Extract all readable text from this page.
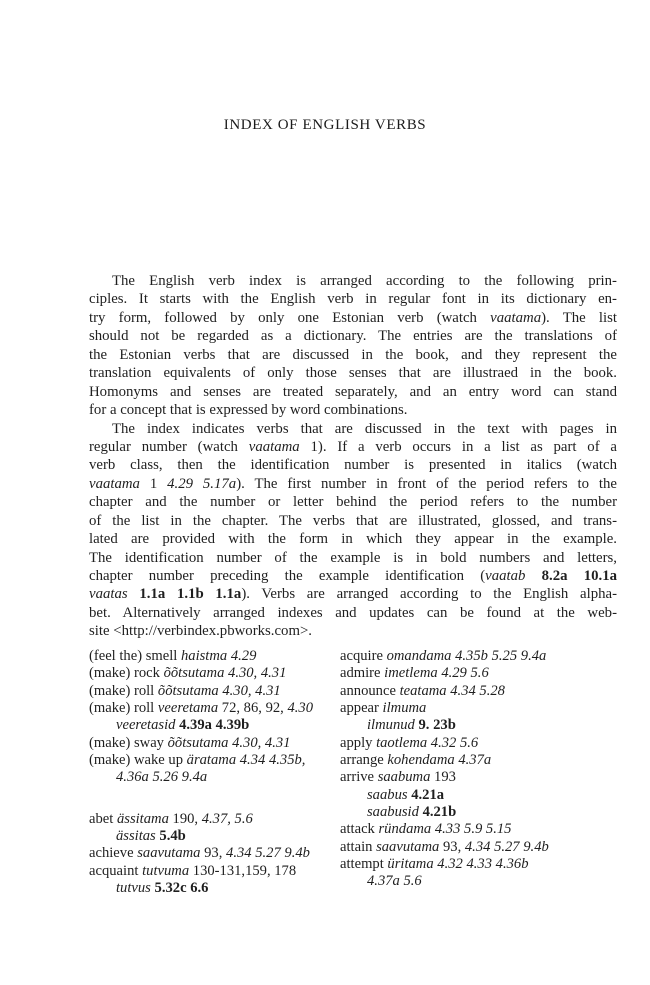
INDEX OF ENGLISH VERBS
The English verb index is arranged according to the following prin-
ciples. It starts with the English verb in regular font in its dictionary en-
try form, followed by only one Estonian verb (watch vaatama). The list
should not be regarded as a dictionary. The entries are the translations of
the Estonian verbs that are discussed in the book, and they represent the
translation equivalents of only those senses that are illustraed in the book.
Homonyms and senses are treated separately, and an entry word can stand
for a concept that is expressed by word combinations.
The index indicates verbs that are discussed in the text with pages in
regular number (watch vaatama 1). If a verb occurs in a list as part of a
verb class, then the identification number is presented in italics (watch
vaatama 1 4.29 5.17a). The first number in front of the period refers to the
chapter and the number or letter behind the period refers to the number
of the list in the chapter. The verbs that are illustrated, glossed, and trans-
lated are provided with the form in which they appear in the example.
The identification number of the example is in bold numbers and letters,
chapter number preceding the example identification (vaatab 8.2a 10.1a
vaatas 1.1a 1.1b 1.1a). Verbs are arranged according to the English alpha-
bet. Alternatively arranged indexes and updates can be found at the web-
site <http://verbindex.pbworks.com>.
(feel the) smell haistma 4.29
(make) rock õõtsutama 4.30, 4.31
(make) roll õõtsutama 4.30, 4.31
(make) roll veeretama 72, 86, 92, 4.30
veeretasid 4.39a 4.39b
(make) sway õõtsutama 4.30, 4.31
(make) wake up äratama 4.34 4.35b,
4.36a 5.26 9.4a
abet ässitama 190, 4.37, 5.6
ässitas 5.4b
achieve saavutama 93, 4.34 5.27 9.4b
acquaint tutvuma 130-131,159, 178
tutvus 5.32c 6.6
acquire omandama 4.35b 5.25 9.4a
admire imetlema 4.29 5.6
announce teatama 4.34 5.28
appear ilmuma
ilmunud 9. 23b
apply taotlema 4.32 5.6
arrange kohendama 4.37a
arrive saabuma 193
saabus 4.21a
saabusid 4.21b
attack ründama 4.33 5.9 5.15
attain saavutama 93, 4.34 5.27 9.4b
attempt üritama 4.32 4.33 4.36b
4.37a 5.6
